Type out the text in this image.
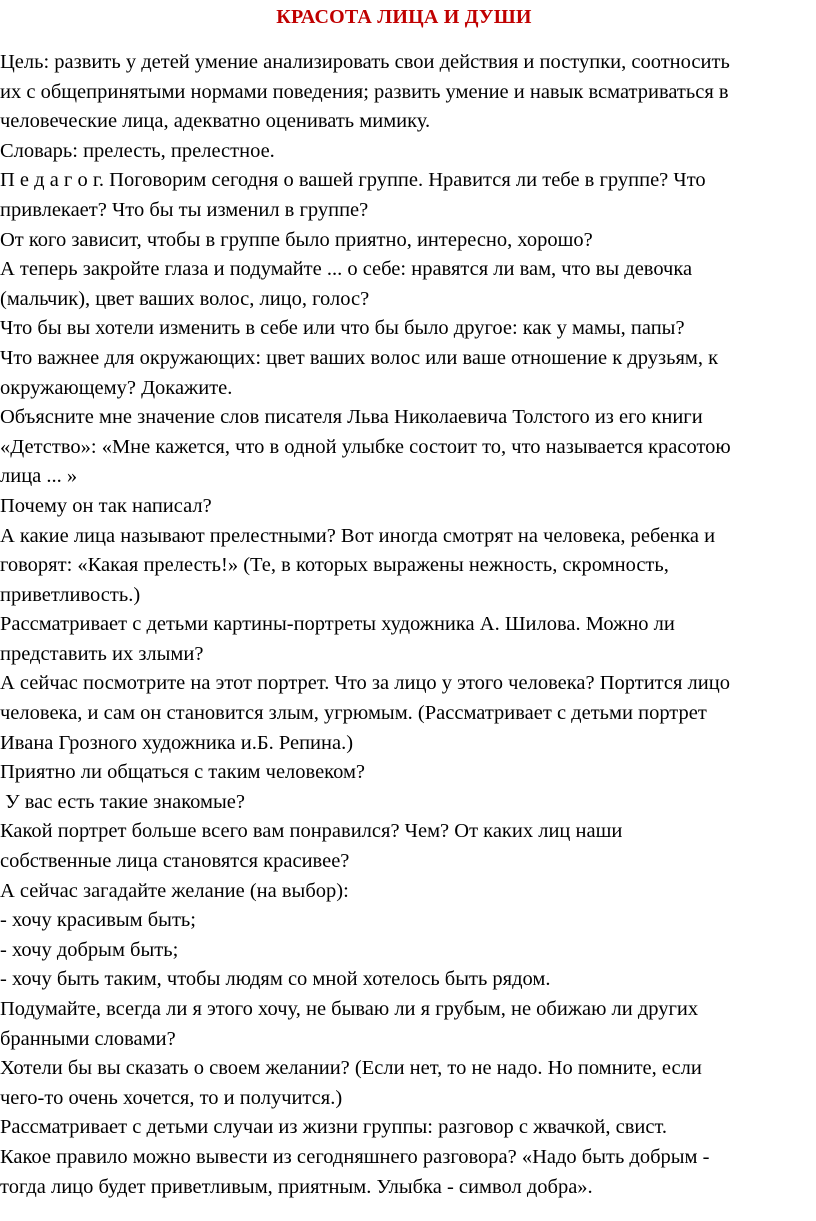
КРАСОТА ЛИЦА И ДУШИ

Цель: развить у детей умение анализировать свои действия и поступки, соотносить

их с общепринятыми нормами поведения; развить умение и навык всматриваться в

человеческие лица, адекватно оценивать мимику.

Словарь: прелесть, прелестное.

П е д а г о г. Поговорим сегодня о вашей группе. Нравится ли тебе в группе? Что

привлекает? Что бы ты изменил в группе?

От кого зависит, чтобы в группе было приятно, интересно, хорошо?

А теперь закройте глаза и подумайте ... о себе: нравятся ли вам, что вы девочка

(мальчик), цвет ваших волос, лицо, голос?

Что бы вы хотели изменить в себе или что бы было другое: как у мамы, папы?

Что важнее для окружающих: цвет ваших волос или ваше отношение к друзьям, к

окружающему? Докажите.

Объясните мне значение слов писателя Льва Николаевича Толстого из его книги

«Детство»: «Мне кажется, что в одной улыбке состоит то, что называется красотою

лица ... »

Почему он так написал?

А какие лица называют прелестными? Вот иногда смотрят на человека, ребенка и

говорят: «Какая прелесть!» (Те, в которых выражены нежность, скромность,

приветливость.)

Рассматривает с детьми картины-портреты художника А. Шилова. Можно ли

представить их злыми?

А сейчас посмотрите на этот портрет. Что за лицо у этого человека? Портится лицо

человека, и сам он становится злым, угрюмым. (Рассматривает с детьми портрет

Ивана Грозного художника и.Б. Репина.)

Приятно ли общаться с таким человеком?

У вас есть такие знакомые?

Какой портрет больше всего вам понравился? Чем? От каких лиц наши

собственные лица становятся красивее?

А сейчас загадайте желание (на выбор):

- хочу красивым быть;

- хочу добрым быть;

- хочу быть таким, чтобы людям со мной хотелось быть рядом.

Подумайте, всегда ли я этого хочу, не бываю ли я грубым, не обижаю ли других

бранными словами?

Хотели бы вы сказать о своем желании? (Если нет, то не надо. Но помните, если

чего-то очень хочется, то и получится.)

Рассматривает с детьми случаи из жизни группы: разговор с жвачкой, свист.

Какое правило можно вывести из сегодняшнего разговора? «Надо быть добрым -

тогда лицо будет приветливым, приятным. Улыбка - символ добра».
